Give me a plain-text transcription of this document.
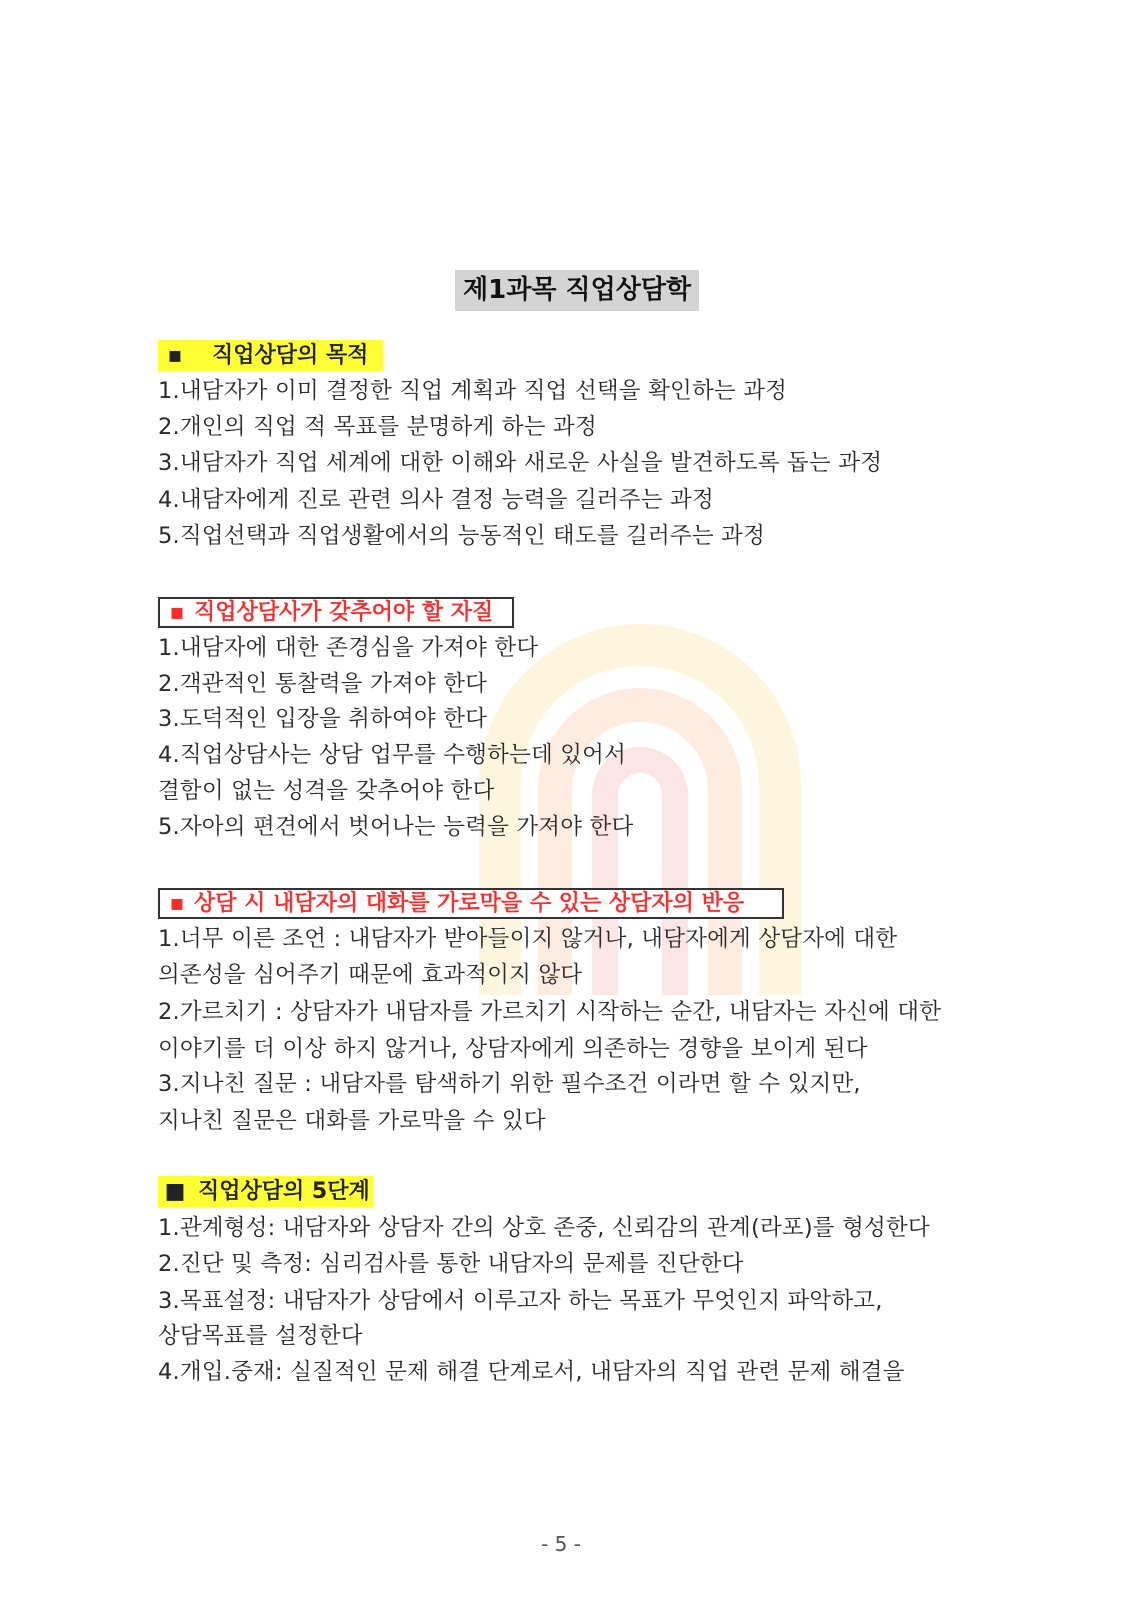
제1과목 직업상담학
▪ 직업상담의 목적
1.내담자가 이미 결정한 직업 계획과 직업 선택을 확인하는 과정
2.개인의 직업 적 목표를 분명하게 하는 과정
3.내담자가 직업 세계에 대한 이해와 새로운 사실을 발견하도록 돕는 과정
4.내담자에게 진로 관련 의사 결정 능력을 길러주는 과정
5.직업선택과 직업생활에서의 능동적인 태도를 길러주는 과정
▪ 직업상담사가 갖추어야 할 자질
1.내담자에 대한 존경심을 가져야 한다
2.객관적인 통찰력을 가져야 한다
3.도덕적인 입장을 취하여야 한다
4.직업상담사는 상담 업무를 수행하는데 있어서
결함이 없는 성격을 갖추어야 한다
5.자아의 편견에서 벗어나는 능력을 가져야 한다
▪ 상담 시 내담자의 대화를 가로막을 수 있는 상담자의 반응
1.너무 이른 조언 : 내담자가 받아들이지 않거나, 내담자에게 상담자에 대한
의존성을 심어주기 때문에 효과적이지 않다
2.가르치기 : 상담자가 내담자를 가르치기 시작하는 순간, 내담자는 자신에 대한
이야기를 더 이상 하지 않거나, 상담자에게 의존하는 경향을 보이게 된다
3.지나친 질문 : 내담자를 탐색하기 위한 필수조건 이라면 할 수 있지만,
지나친 질문은 대화를 가로막을 수 있다
■ 직업상담의 5단계
1.관계형성: 내담자와 상담자 간의 상호 존중, 신뢰감의 관계(라포)를 형성한다
2.진단 및 측정: 심리검사를 통한 내담자의 문제를 진단한다
3.목표설정: 내담자가 상담에서 이루고자 하는 목표가 무엇인지 파악하고,
상담목표를 설정한다
4.개입.중재: 실질적인 문제 해결 단계로서, 내담자의 직업 관련 문제 해결을
- 5 -
